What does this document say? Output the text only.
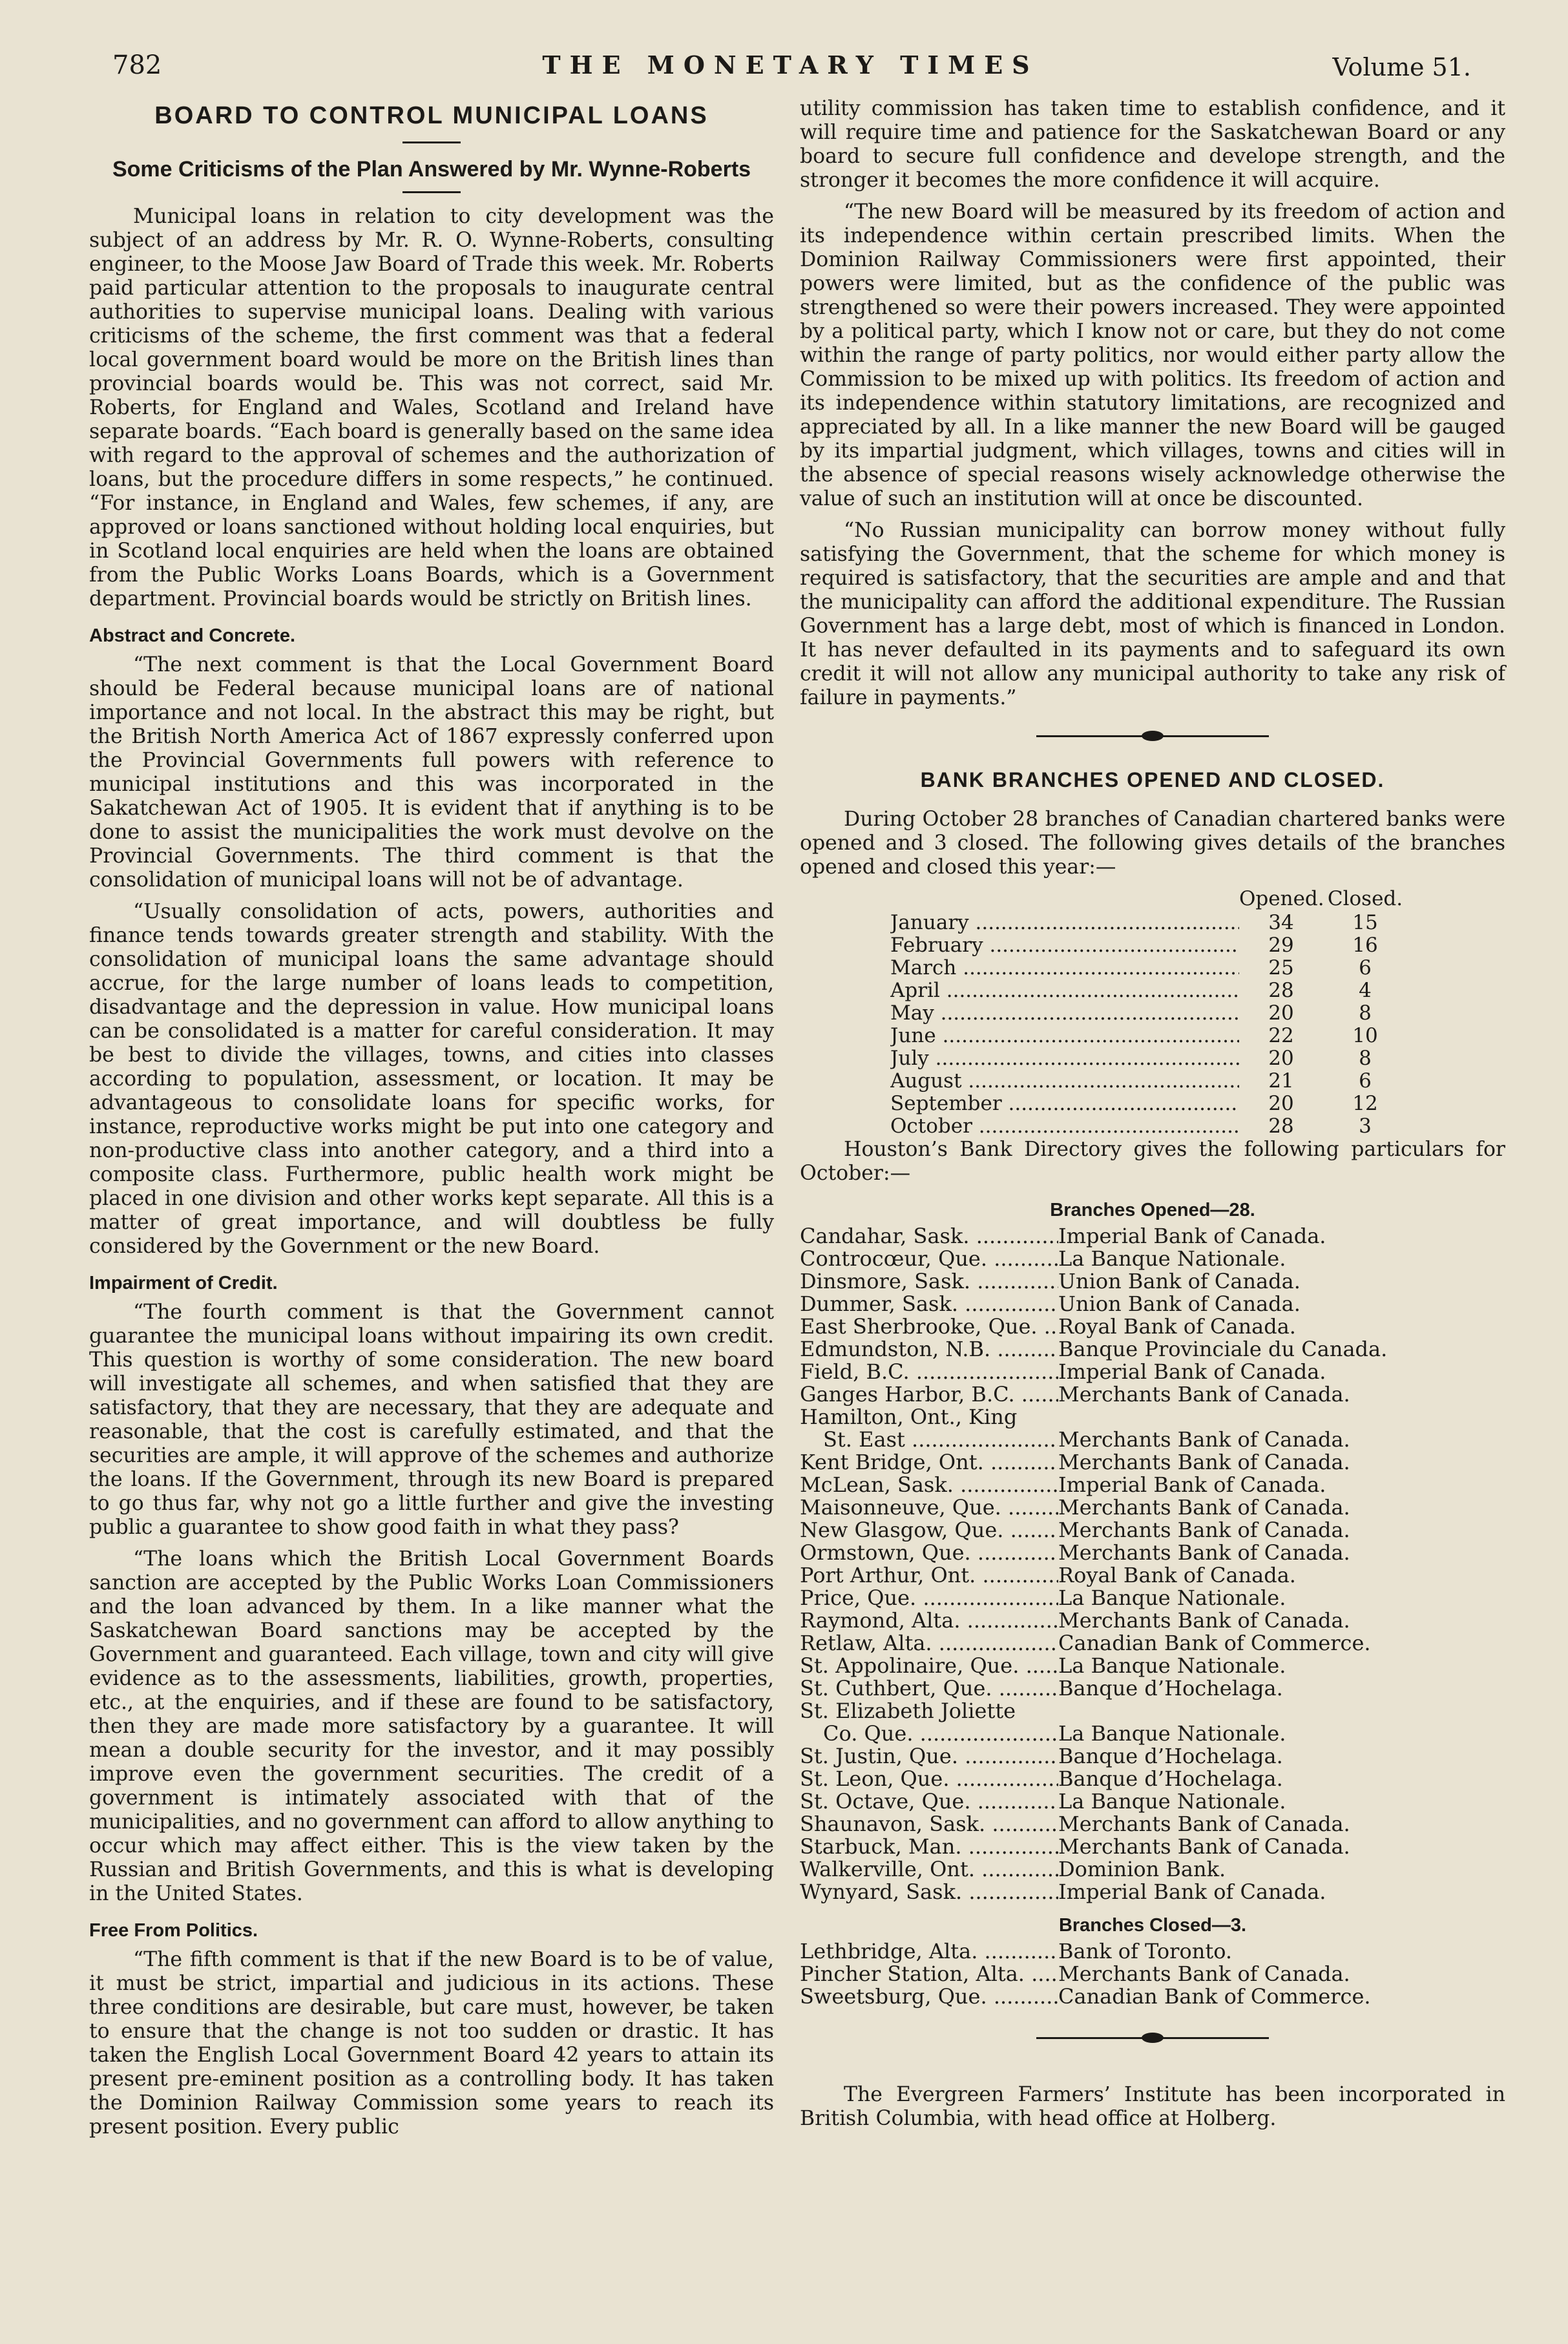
782	THE MONETARY TIMES	Volume 51.
BOARD TO CONTROL MUNICIPAL LOANS
Some Criticisms of the Plan Answered by Mr. Wynne-Roberts

Municipal loans in relation to city development was the subject of an address by Mr. R. O. Wynne-Roberts, consulting engineer, to the Moose Jaw Board of Trade this week. Mr. Roberts paid particular attention to the proposals to inaugurate central authorities to supervise municipal loans. Dealing with various criticisms of the scheme, the first comment was that a federal local government board would be more on the British lines than provincial boards would be. This was not correct, said Mr. Roberts, for England and Wales, Scotland and Ireland have separate boards. “Each board is generally based on the same idea with regard to the approval of schemes and the authorization of loans, but the procedure differs in some respects,” he continued. “For instance, in England and Wales, few schemes, if any, are approved or loans sanctioned without holding local enquiries, but in Scotland local enquiries are held when the loans are obtained from the Public Works Loans Boards, which is a Government department. Provincial boards would be strictly on British lines.

Abstract and Concrete.

“The next comment is that the Local Government Board should be Federal because municipal loans are of national importance and not local. In the abstract this may be right, but the British North America Act of 1867 expressly conferred upon the Provincial Governments full powers with reference to municipal institutions and this was incorporated in the Sakatchewan Act of 1905. It is evident that if anything is to be done to assist the municipalities the work must devolve on the Provincial Governments. The third comment is that the consolidation of municipal loans will not be of advantage.

“Usually consolidation of acts, powers, authorities and finance tends towards greater strength and stability. With the consolidation of municipal loans the same advantage should accrue, for the large number of loans leads to competition, disadvantage and the depression in value. How municipal loans can be consolidated is a matter for careful consideration. It may be best to divide the villages, towns, and cities into classes according to population, assessment, or location. It may be advantageous to consolidate loans for specific works, for instance, reproductive works might be put into one category and non-productive class into another category, and a third into a composite class. Furthermore, public health work might be placed in one division and other works kept separate. All this is a matter of great importance, and will doubtless be fully considered by the Government or the new Board.

Impairment of Credit.

“The fourth comment is that the Government cannot guarantee the municipal loans without impairing its own credit. This question is worthy of some consideration. The new board will investigate all schemes, and when satisfied that they are satisfactory, that they are necessary, that they are adequate and reasonable, that the cost is carefully estimated, and that the securities are ample, it will approve of the schemes and authorize the loans. If the Government, through its new Board is prepared to go thus far, why not go a little further and give the investing public a guarantee to show good faith in what they pass?

“The loans which the British Local Government Boards sanction are accepted by the Public Works Loan Commissioners and the loan advanced by them. In a like manner what the Saskatchewan Board sanctions may be accepted by the Government and guaranteed. Each village, town and city will give evidence as to the assessments, liabilities, growth, properties, etc., at the enquiries, and if these are found to be satisfactory, then they are made more satisfactory by a guarantee. It will mean a double security for the investor, and it may possibly improve even the government securities. The credit of a government is intimately associated with that of the municipalities, and no government can afford to allow anything to occur which may affect either. This is the view taken by the Russian and British Governments, and this is what is developing in the United States.

Free From Politics.

“The fifth comment is that if the new Board is to be of value, it must be strict, impartial and judicious in its actions. These three conditions are desirable, but care must, however, be taken to ensure that the change is not too sudden or drastic. It has taken the English Local Government Board 42 years to attain its present pre-eminent position as a controlling body. It has taken the Dominion Railway Commission some years to reach its present position. Every public

utility commission has taken time to establish confidence, and it will require time and patience for the Saskatchewan Board or any board to secure full confidence and develope strength, and the stronger it becomes the more confidence it will acquire.

“The new Board will be measured by its freedom of action and its independence within certain prescribed limits. When the Dominion Railway Commissioners were first appointed, their powers were limited, but as the confidence of the public was strengthened so were their powers increased. They were appointed by a political party, which I know not or care, but they do not come within the range of party politics, nor would either party allow the Commission to be mixed up with politics. Its freedom of action and its independence within statutory limitations, are recognized and appreciated by all. In a like manner the new Board will be gauged by its impartial judgment, which villages, towns and cities will in the absence of special reasons wisely acknowledge otherwise the value of such an institution will at once be discounted.

“No Russian municipality can borrow money without fully satisfying the Government, that the scheme for which money is required is satisfactory, that the securities are ample and and that the municipality can afford the additional expenditure. The Russian Government has a large debt, most of which is financed in London. It has never defaulted in its payments and to safeguard its own credit it will not allow any municipal authority to take any risk of failure in payments.”

BANK BRANCHES OPENED AND CLOSED.

During October 28 branches of Canadian chartered banks were opened and 3 closed. The following gives details of the branches opened and closed this year:—

Opened. Closed.
January .....	34	15
February .....	29	16
March .....	25	6
April .....	28	4
May .....	20	8
June .....	22	10
July .....	20	8
August .....	21	6
September .....	20	12
October .....	28	3

Houston’s Bank Directory gives the following particulars for October:—

Branches Opened—28.
Candahar, Sask. .....	Imperial Bank of Canada.
Controcœur, Que. .....	La Banque Nationale.
Dinsmore, Sask. .....	Union Bank of Canada.
Dummer, Sask. .....	Union Bank of Canada.
East Sherbrooke, Que. .....	Royal Bank of Canada.
Edmundston, N.B. .....	Banque Provinciale du Canada.
Field, B.C. .....	Imperial Bank of Canada.
Ganges Harbor, B.C. .....	Merchants Bank of Canada.
Hamilton, Ont., King
St. East .....	Merchants Bank of Canada.
Kent Bridge, Ont. .....	Merchants Bank of Canada.
McLean, Sask. .....	Imperial Bank of Canada.
Maisonneuve, Que. .....	Merchants Bank of Canada.
New Glasgow, Que. .....	Merchants Bank of Canada.
Ormstown, Que. .....	Merchants Bank of Canada.
Port Arthur, Ont. .....	Royal Bank of Canada.
Price, Que. .....	La Banque Nationale.
Raymond, Alta. .....	Merchants Bank of Canada.
Retlaw, Alta. .....	Canadian Bank of Commerce.
St. Appolinaire, Que. .....	La Banque Nationale.
St. Cuthbert, Que. .....	Banque d’Hochelaga.
St. Elizabeth Joliette
Co. Que. .....	La Banque Nationale.
St. Justin, Que. .....	Banque d’Hochelaga.
St. Leon, Que. .....	Banque d’Hochelaga.
St. Octave, Que. .....	La Banque Nationale.
Shaunavon, Sask. .....	Merchants Bank of Canada.
Starbuck, Man. .....	Merchants Bank of Canada.
Walkerville, Ont. .....	Dominion Bank.
Wynyard, Sask. .....	Imperial Bank of Canada.
Branches Closed—3.
Lethbridge, Alta. .....	Bank of Toronto.
Pincher Station, Alta. .....	Merchants Bank of Canada.
Sweetsburg, Que. .....	Canadian Bank of Commerce.

The Evergreen Farmers’ Institute has been incorporated in British Columbia, with head office at Holberg.
